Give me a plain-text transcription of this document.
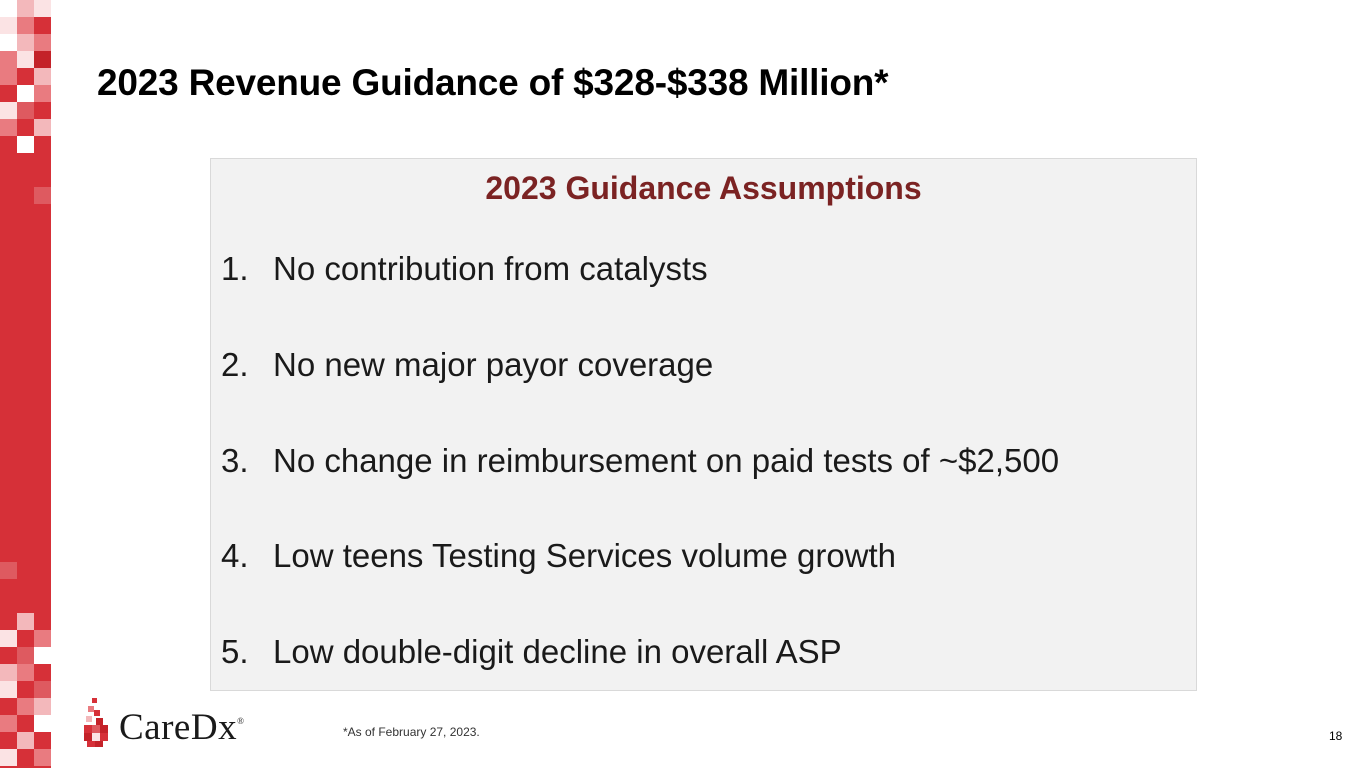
2023 Revenue Guidance of $328-$338 Million*
2023 Guidance Assumptions
1. No contribution from catalysts
2. No new major payor coverage
3. No change in reimbursement on paid tests of ~$2,500
4. Low teens Testing Services volume growth
5. Low double-digit decline in overall ASP
CareDx®
*As of February 27, 2023.	18
